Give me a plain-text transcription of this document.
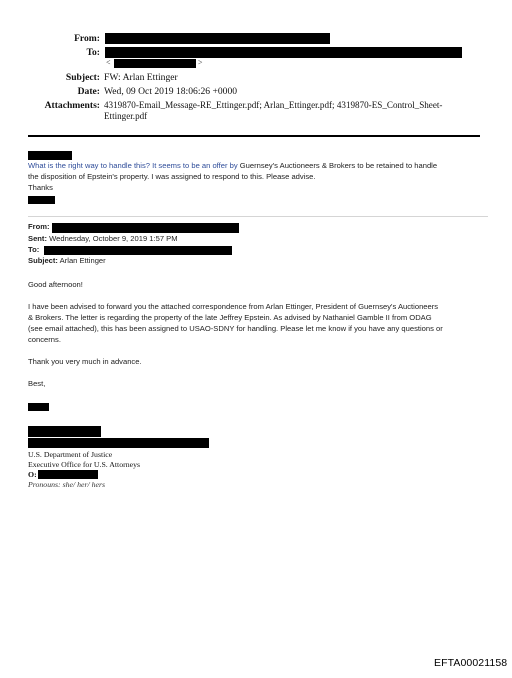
From:
To:
<	>
Subject: FW: Arlan Ettinger
Date: Wed, 09 Oct 2019 18:06:26 +0000
Attachments: 4319870-Email_Message-RE_Ettinger.pdf; Arlan_Ettinger.pdf; 4319870-ES_Control_Sheet-
Ettinger.pdf
What is the right way to handle this? It seems to be an offer by Guernsey's Auctioneers & Brokers to be retained to handle
the disposition of Epstein's property. I was assigned to respond to this. Please advise.
Thanks
From:
Sent: Wednesday, October 9, 2019 1:57 PM
To:
Subject: Arlan Ettinger
Good afternoon!
I have been advised to forward you the attached correspondence from Arlan Ettinger, President of Guernsey's Auctioneers
& Brokers. The letter is regarding the property of the late Jeffrey Epstein. As advised by Nathaniel Gamble II from ODAG
(see email attached), this has been assigned to USAO-SDNY for handling. Please let me know if you have any questions or
concerns.
Thank you very much in advance.
Best,
U.S. Department of Justice
Executive Office for U.S. Attorneys
O:
Pronouns: she/ her/ hers
EFTA00021158
